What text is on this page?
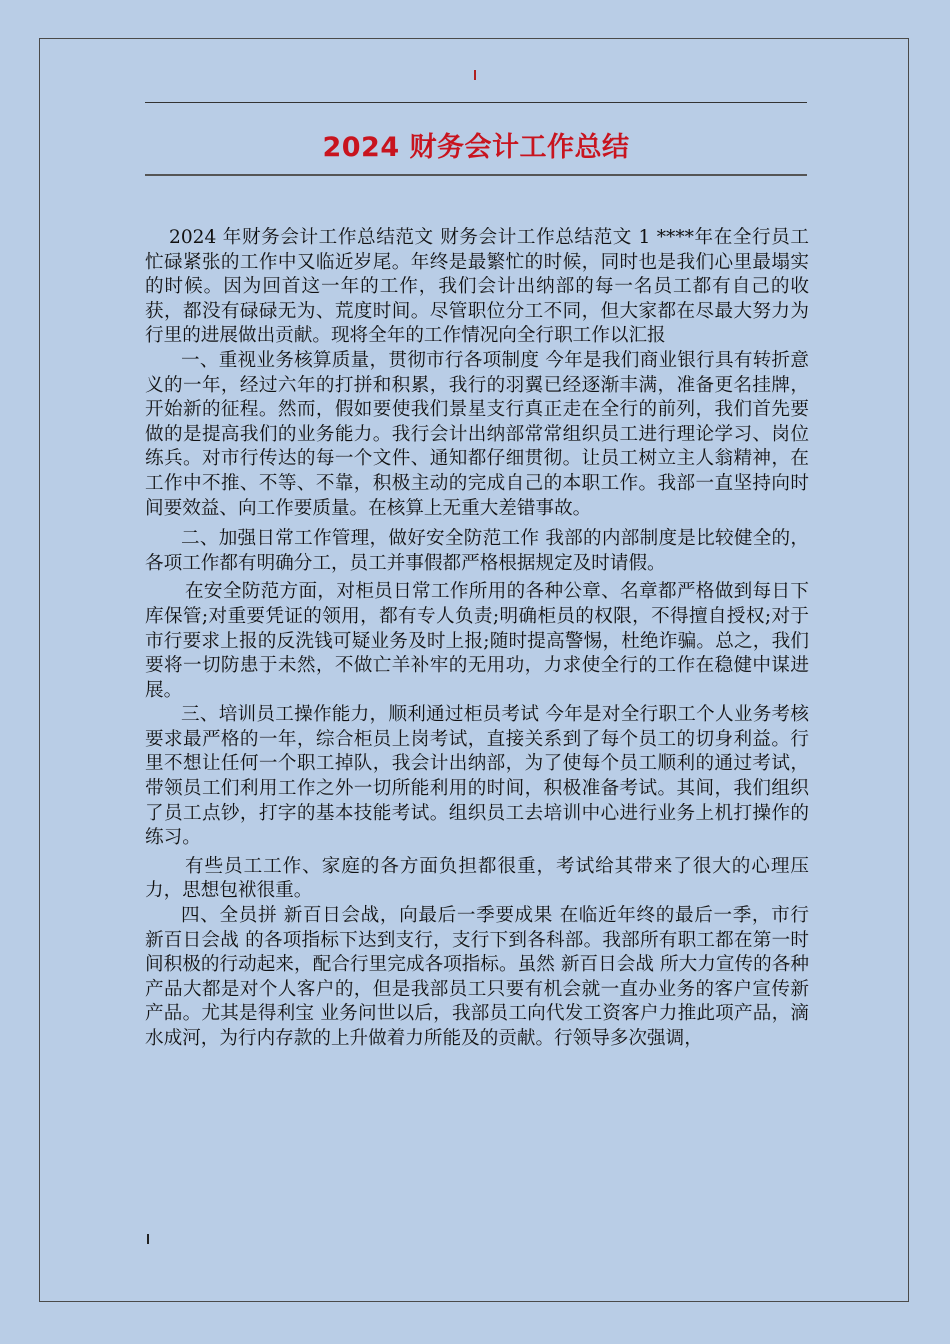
2024 财务会计工作总结

2024 年财务会计工作总结范文 财务会计工作总结范文 1 ****年在全行员工忙碌紧张的工作中又临近岁尾。年终是最繁忙的时候，同时也是我们心里最塌实的时候。因为回首这一年的工作，我们会计出纳部的每一名员工都有自己的收获，都没有碌碌无为、荒度时间。尽管职位分工不同，但大家都在尽最大努力为行里的进展做出贡献。现将全年的工作情况向全行职工作以汇报

一、重视业务核算质量，贯彻市行各项制度 今年是我们商业银行具有转折意义的一年，经过六年的打拼和积累，我行的羽翼已经逐渐丰满，准备更名挂牌，开始新的征程。然而，假如要使我们景星支行真正走在全行的前列，我们首先要做的是提高我们的业务能力。我行会计出纳部常常组织员工进行理论学习、岗位练兵。对市行传达的每一个文件、通知都仔细贯彻。让员工树立主人翁精神，在工作中不推、不等、不靠，积极主动的完成自己的本职工作。我部一直坚持向时间要效益、向工作要质量。在核算上无重大差错事故。

二、加强日常工作管理，做好安全防范工作 我部的内部制度是比较健全的，各项工作都有明确分工，员工并事假都严格根据规定及时请假。

在安全防范方面，对柜员日常工作所用的各种公章、名章都严格做到每日下库保管;对重要凭证的领用，都有专人负责;明确柜员的权限，不得擅自授权;对于市行要求上报的反洗钱可疑业务及时上报;随时提高警惕，杜绝诈骗。总之，我们要将一切防患于未然，不做亡羊补牢的无用功，力求使全行的工作在稳健中谋进展。

三、培训员工操作能力，顺利通过柜员考试 今年是对全行职工个人业务考核要求最严格的一年，综合柜员上岗考试，直接关系到了每个员工的切身利益。行里不想让任何一个职工掉队，我会计出纳部，为了使每个员工顺利的通过考试，带领员工们利用工作之外一切所能利用的时间，积极准备考试。其间，我们组织了员工点钞，打字的基本技能考试。组织员工去培训中心进行业务上机打操作的练习。

有些员工工作、家庭的各方面负担都很重，考试给其带来了很大的心理压力，思想包袱很重。

四、全员拼 新百日会战，向最后一季要成果 在临近年终的最后一季，市行 新百日会战 的各项指标下达到支行，支行下到各科部。我部所有职工都在第一时间积极的行动起来，配合行里完成各项指标。虽然 新百日会战 所大力宣传的各种产品大都是对个人客户的，但是我部员工只要有机会就一直办业务的客户宣传新产品。尤其是得利宝 业务问世以后，我部员工向代发工资客户力推此项产品，滴水成河，为行内存款的上升做着力所能及的贡献。行领导多次强调，
